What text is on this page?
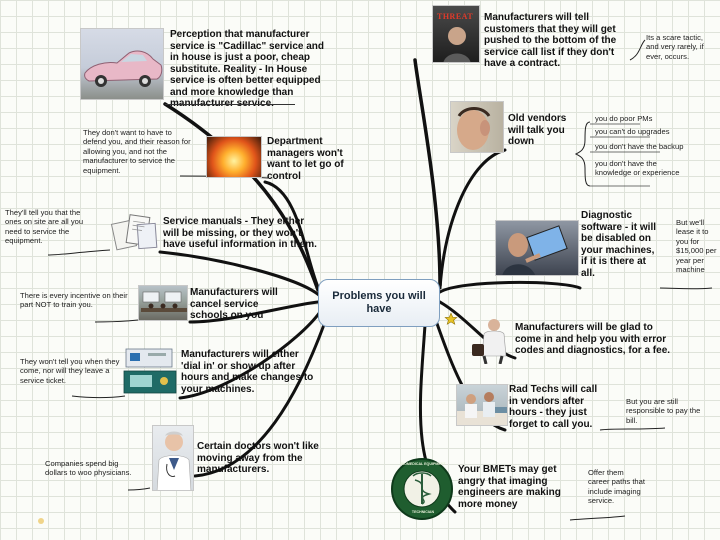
Problems you will have
Perception that manufacturer service is "Cadillac" service and in house is just a poor, cheap substitute. Reality - In House service is often better equipped and more knowledge than
Department managers won't want to let go of control
They don't want to have to defend you, and their reason for allowing you, and not the manufacturer to service the equipment.
Service manuals - They either will be missing, or they won't have useful information in them.
They'll tell you that the ones on site are all you need to service the equipment.
Manufacturers will cancel service schools on you
There is every incentive on their part NOT to train you.
Manufacturers will either 'dial in' or show up after hours and make changes to your machines.
They won't tell you when they come, nor will they leave a service ticket.
Certain doctors won't like moving away from the manufacturers.
Companies spend big dollars to woo physicians.
THREAT Manufacturers will tell customers that they will get pushed to the bottom of the service call list if they don't have a contract.
Its a scare tactic, and very rarely, if ever, occurs.
Old vendors will talk you down
you do poor PMs
you can't do upgrades
you don't have the backup
you don't have the knowledge or experience
Diagnostic software - it will be disabled on your machines, if it is there at all.
But we'll lease it to you for $15,000 per year per machine
Manufacturers will be glad to come in and help you with error codes and diagnostics, for a fee.
Rad Techs will call in vendors after hours - they just forget to call you.
But you are still responsible to pay the bill.
BIOMEDICAL EQUIPMENT
TECHNICIAN
Your BMETs may get angry that imaging engineers are making more money
Offer them career paths that include imaging service.
